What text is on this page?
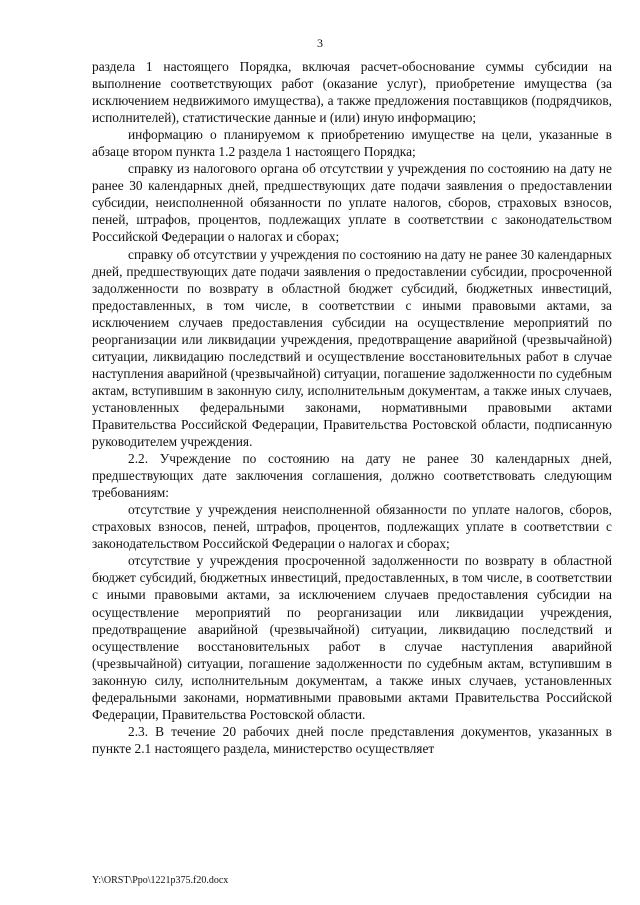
3

раздела 1 настоящего Порядка, включая расчет-обоснование суммы субсидии на выполнение соответствующих работ (оказание услуг), приобретение имущества (за исключением недвижимого имущества), а также предложения поставщиков (подрядчиков, исполнителей), статистические данные и (или) иную информацию;

информацию о планируемом к приобретению имуществе на цели, указанные в абзаце втором пункта 1.2 раздела 1 настоящего Порядка;

справку из налогового органа об отсутствии у учреждения по состоянию на дату не ранее 30 календарных дней, предшествующих дате подачи заявления о предоставлении субсидии, неисполненной обязанности по уплате налогов, сборов, страховых взносов, пеней, штрафов, процентов, подлежащих уплате в соответствии с законодательством Российской Федерации о налогах и сборах;

справку об отсутствии у учреждения по состоянию на дату не ранее 30 календарных дней, предшествующих дате подачи заявления о предоставлении субсидии, просроченной задолженности по возврату в областной бюджет субсидий, бюджетных инвестиций, предоставленных, в том числе, в соответствии с иными правовыми актами, за исключением случаев предоставления субсидии на осуществление мероприятий по реорганизации или ликвидации учреждения, предотвращение аварийной (чрезвычайной) ситуации, ликвидацию последствий и осуществление восстановительных работ в случае наступления аварийной (чрезвычайной) ситуации, погашение задолженности по судебным актам, вступившим в законную силу, исполнительным документам, а также иных случаев, установленных федеральными законами, нормативными правовыми актами Правительства Российской Федерации, Правительства Ростовской области, подписанную руководителем учреждения.

2.2. Учреждение по состоянию на дату не ранее 30 календарных дней, предшествующих дате заключения соглашения, должно соответствовать следующим требованиям:

отсутствие у учреждения неисполненной обязанности по уплате налогов, сборов, страховых взносов, пеней, штрафов, процентов, подлежащих уплате в соответствии с законодательством Российской Федерации о налогах и сборах;

отсутствие у учреждения просроченной задолженности по возврату в областной бюджет субсидий, бюджетных инвестиций, предоставленных, в том числе, в соответствии с иными правовыми актами, за исключением случаев предоставления субсидии на осуществление мероприятий по реорганизации или ликвидации учреждения, предотвращение аварийной (чрезвычайной) ситуации, ликвидацию последствий и осуществление восстановительных работ в случае наступления аварийной (чрезвычайной) ситуации, погашение задолженности по судебным актам, вступившим в законную силу, исполнительным документам, а также иных случаев, установленных федеральными законами, нормативными правовыми актами Правительства Российской Федерации, Правительства Ростовской области.

2.3. В течение 20 рабочих дней после представления документов, указанных в пункте 2.1 настоящего раздела, министерство осуществляет

Y:\ORST\Ppo\1221p375.f20.docx
